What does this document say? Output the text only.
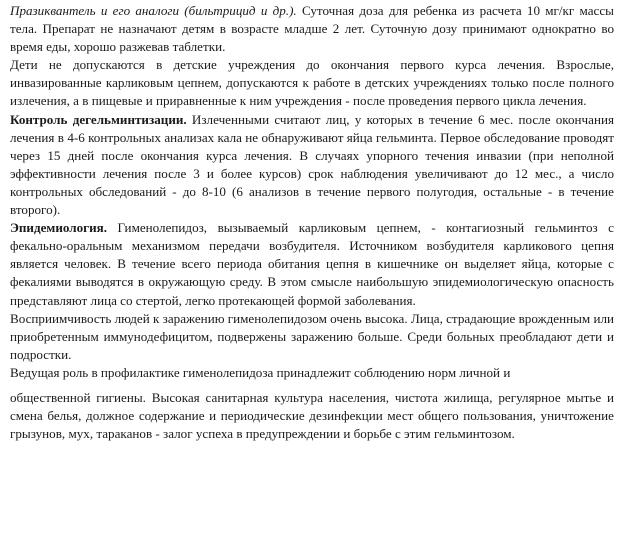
Празиквантель и его аналоги (бильтрицид и др.). Суточная доза для ребенка из расчета 10 мг/кг массы тела. Препарат не назначают детям в возрасте младше 2 лет. Суточную дозу принимают однократно во время еды, хорошо разжевав таблетки.

Дети не допускаются в детские учреждения до окончания первого курса лечения. Взрослые, инвазированные карликовым цепнем, допускаются к работе в детских учреждениях только после полного излечения, а в пищевые и приравненные к ним учреждения - после проведения первого цикла лечения.

Контроль дегельминтизации. Излеченными считают лиц, у которых в течение 6 мес. после окончания лечения в 4-6 контрольных анализах кала не обнаруживают яйца гельминта. Первое обследование проводят через 15 дней после окончания курса лечения. В случаях упорного течения инвазии (при неполной эффективности лечения после 3 и более курсов) срок наблюдения увеличивают до 12 мес., а число контрольных обследований - до 8-10 (6 анализов в течение первого полугодия, остальные - в течение второго).

Эпидемиология. Гименолепидоз, вызываемый карликовым цепнем, - контагиозный гельминтоз с фекально-оральным механизмом передачи возбудителя. Источником возбудителя карликового цепня является человек. В течение всего периода обитания цепня в кишечнике он выделяет яйца, которые с фекалиями выводятся в окружающую среду. В этом смысле наибольшую эпидемиологическую опасность представляют лица со стертой, легко протекающей формой заболевания.

Восприимчивость людей к заражению гименолепидозом очень высока. Лица, страдающие врожденным или приобретенным иммунодефицитом, подвержены заражению больше. Среди больных преобладают дети и подростки.

Ведущая роль в профилактике гименолепидоза принадлежит соблюдению норм личной и

общественной гигиены. Высокая санитарная культура населения, чистота жилища, регулярное мытье и смена белья, должное содержание и периодические дезинфекции мест общего пользования, уничтожение грызунов, мух, тараканов - залог успеха в предупреждении и борьбе с этим гельминтозом.
